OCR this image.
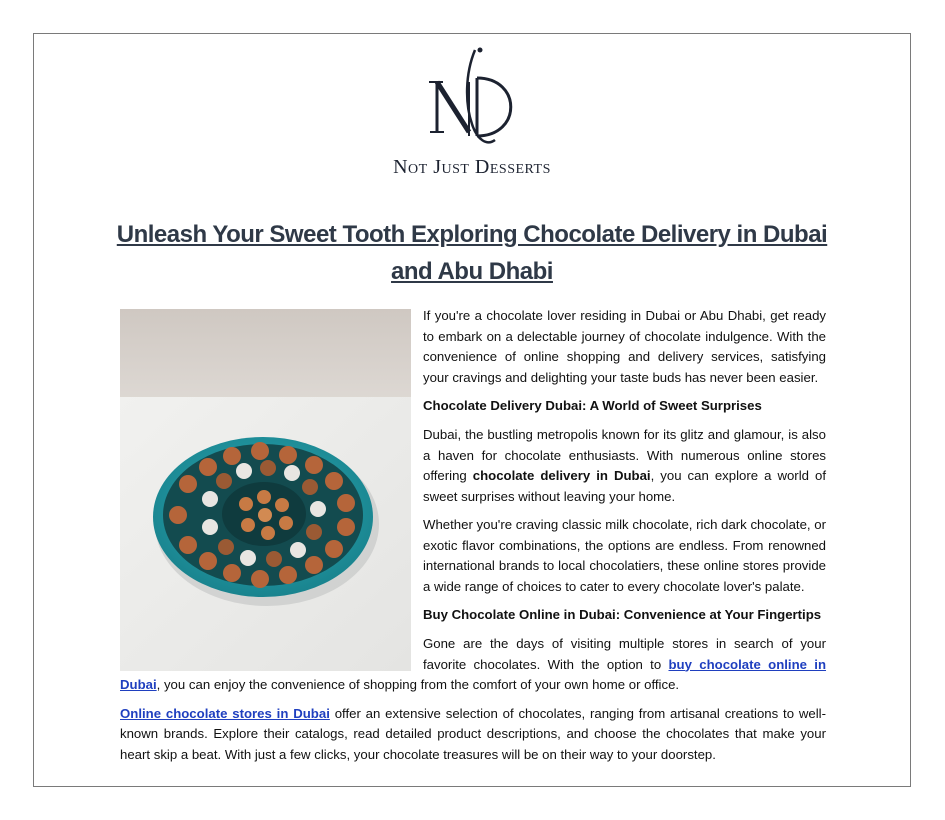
Not Just Desserts
Unleash Your Sweet Tooth Exploring Chocolate Delivery in Dubai and Abu Dhabi

If you're a chocolate lover residing in Dubai or Abu Dhabi, get ready to embark on a delectable journey of chocolate indulgence. With the convenience of online shopping and delivery services, satisfying your cravings and delighting your taste buds has never been easier.

Chocolate Delivery Dubai: A World of Sweet Surprises

Dubai, the bustling metropolis known for its glitz and glamour, is also a haven for chocolate enthusiasts. With numerous online stores offering chocolate delivery in Dubai, you can explore a world of sweet surprises without leaving your home.

Whether you're craving classic milk chocolate, rich dark chocolate, or exotic flavor combinations, the options are endless. From renowned international brands to local chocolatiers, these online stores provide a wide range of choices to cater to every chocolate lover's palate.

Buy Chocolate Online in Dubai: Convenience at Your Fingertips

Gone are the days of visiting multiple stores in search of your favorite chocolates. With the option to buy chocolate online in Dubai, you can enjoy the convenience of shopping from the comfort of your own home or office.

Online chocolate stores in Dubai offer an extensive selection of chocolates, ranging from artisanal creations to well-known brands. Explore their catalogs, read detailed product descriptions, and choose the chocolates that make your heart skip a beat. With just a few clicks, your chocolate treasures will be on their way to your doorstep.
